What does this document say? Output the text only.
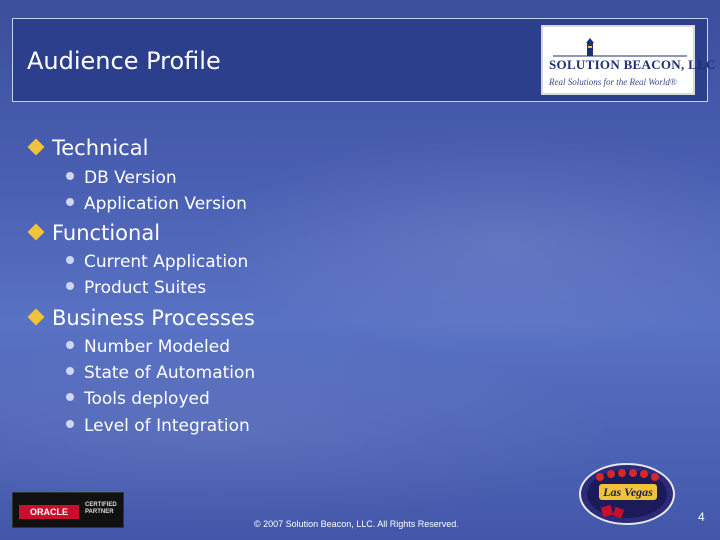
Audience Profile	SOLUTION BEACON, LLC
Real Solutions for the Real World®
Technical
DB Version
Application Version
Functional
Current Application
Product Suites
Business Processes
Number Modeled
State of Automation
Tools deployed
Level of Integration
ORACLE
CERTIFIED
PARTNER
© 2007 Solution Beacon, LLC. All Rights Reserved.
Las Vegas
4
